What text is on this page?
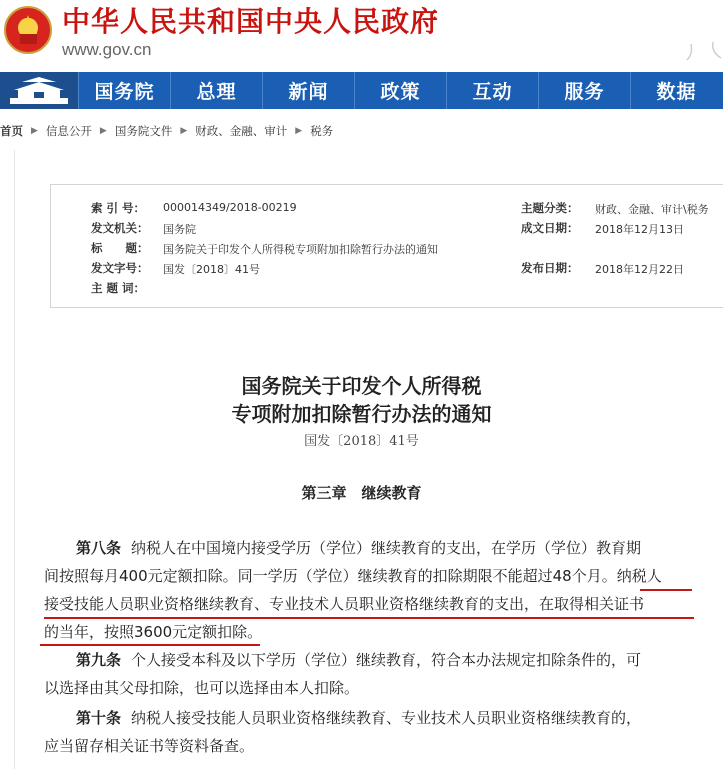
★ 中华人民共和国中央人民政府
www.gov.cn
国务院	总理	新闻	政策	互动	服务	数据
首页 ▶ 信息公开 ▶ 国务院文件 ▶ 财政、金融、审计 ▶ 税务
索 引 号： 000014349/2018-00219	主题分类： 财政、金融、审计\税务
发文机关： 国务院	成文日期： 2018年12月13日
标　　题： 国务院关于印发个人所得税专项附加扣除暂行办法的通知
发文字号： 国发〔2018〕41号	发布日期： 2018年12月22日
主 题 词：
国务院关于印发个人所得税
专项附加扣除暂行办法的通知
国发〔2018〕41号
第三章　继续教育
第八条 纳税人在中国境内接受学历（学位）继续教育的支出，在学历（学位）教育期
间按照每月400元定额扣除。同一学历（学位）继续教育的扣除期限不能超过48个月。纳税人
接受技能人员职业资格继续教育、专业技术人员职业资格继续教育的支出，在取得相关证书
的当年，按照3600元定额扣除。
第九条 个人接受本科及以下学历（学位）继续教育，符合本办法规定扣除条件的，可
以选择由其父母扣除，也可以选择由本人扣除。
第十条 纳税人接受技能人员职业资格继续教育、专业技术人员职业资格继续教育的，
应当留存相关证书等资料备查。
